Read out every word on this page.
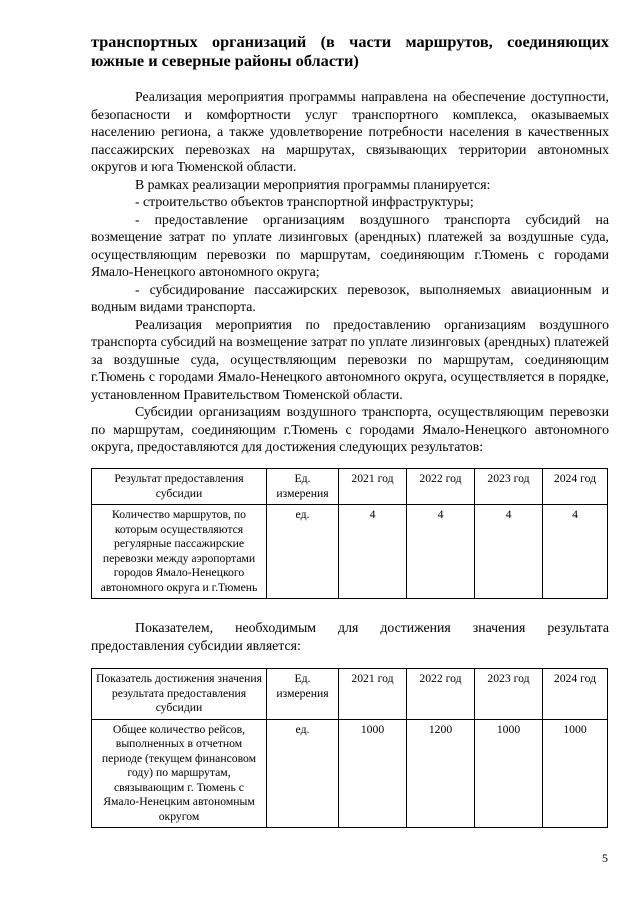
транспортных организаций (в части маршрутов, соединяющих южные и северные районы области)

Реализация мероприятия программы направлена на обеспечение доступности, безопасности и комфортности услуг транспортного комплекса, оказываемых населению региона, а также удовлетворение потребности населения в качественных пассажирских перевозках на маршрутах, связывающих территории автономных округов и юга Тюменской области.

В рамках реализации мероприятия программы планируется:

- строительство объектов транспортной инфраструктуры;

- предоставление организациям воздушного транспорта субсидий на возмещение затрат по уплате лизинговых (арендных) платежей за воздушные суда, осуществляющим перевозки по маршрутам, соединяющим г.Тюмень с городами Ямало-Ненецкого автономного округа;

- субсидирование пассажирских перевозок, выполняемых авиационным и водным видами транспорта.

Реализация мероприятия по предоставлению организациям воздушного транспорта субсидий на возмещение затрат по уплате лизинговых (арендных) платежей за воздушные суда, осуществляющим перевозки по маршрутам, соединяющим г.Тюмень с городами Ямало-Ненецкого автономного округа, осуществляется в порядке, установленном Правительством Тюменской области.

Субсидии организациям воздушного транспорта, осуществляющим перевозки по маршрутам, соединяющим г.Тюмень с городами Ямало-Ненецкого автономного округа, предоставляются для достижения следующих результатов:

Результат предоставления субсидии	Ед. измерения	2021 год	2022 год	2023 год	2024 год
Количество маршрутов, по которым осуществляются регулярные пассажирские перевозки между аэропортами городов Ямало-Ненецкого автономного округа и г.Тюмень	ед.	4	4	4	4

Показателем, необходимым для достижения значения результата предоставления субсидии является:

Показатель достижения значения результата предоставления субсидии	Ед. измерения	2021 год	2022 год	2023 год	2024 год
Общее количество рейсов, выполненных в отчетном периоде (текущем финансовом году) по маршрутам, связывающим г. Тюмень с Ямало-Ненецким автономным округом	ед.	1000	1200	1000	1000
5
